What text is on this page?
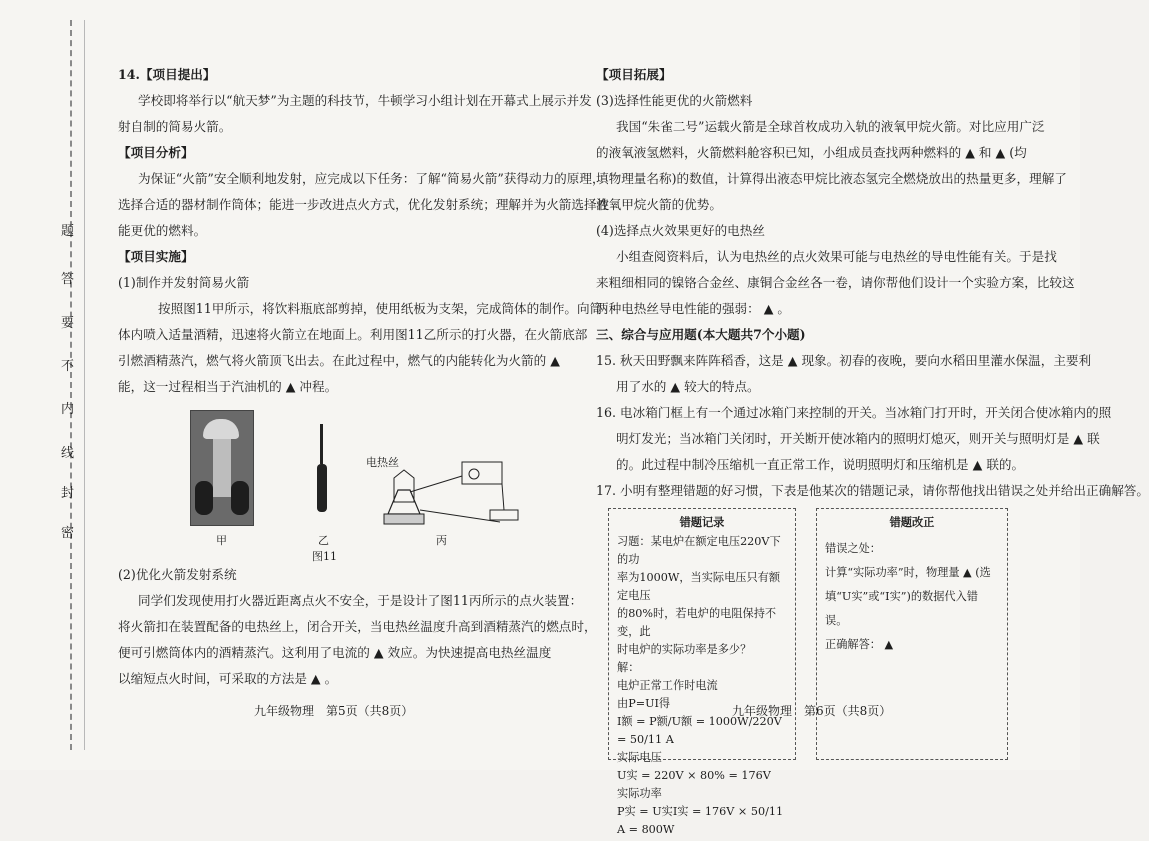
题
答
要
不
内
线
封
密
14.【项目提出】
学校即将举行以“航天梦”为主题的科技节，牛顿学习小组计划在开幕式上展示并发
射自制的简易火箭。
【项目分析】
为保证“火箭”安全顺利地发射，应完成以下任务：了解“简易火箭”获得动力的原理，
选择合适的器材制作筒体；能进一步改进点火方式，优化发射系统；理解并为火箭选择性
能更优的燃料。
【项目实施】
(1)制作并发射简易火箭
按照图11甲所示，将饮料瓶底部剪掉，使用纸板为支架，完成筒体的制作。向筒
体内喷入适量酒精，迅速将火箭立在地面上。利用图11乙所示的打火器，在火箭底部
引燃酒精蒸汽，燃气将火箭顶飞出去。在此过程中，燃气的内能转化为火箭的 ▲
能，这一过程相当于汽油机的 ▲ 冲程。
电热丝
甲	乙	丙
图11
(2)优化火箭发射系统
同学们发现使用打火器近距离点火不安全，于是设计了图11丙所示的点火装置：
将火箭扣在装置配备的电热丝上，闭合开关，当电热丝温度升高到酒精蒸汽的燃点时，
便可引燃筒体内的酒精蒸汽。这利用了电流的 ▲ 效应。为快速提高电热丝温度
以缩短点火时间，可采取的方法是 ▲ 。
九年级物理　第5页（共8页）
【项目拓展】
(3)选择性能更优的火箭燃料
我国“朱雀二号”运载火箭是全球首枚成功入轨的液氧甲烷火箭。对比应用广泛
的液氧液氢燃料，火箭燃料舱容积已知，小组成员查找两种燃料的 ▲ 和 ▲ (均
填物理量名称)的数值，计算得出液态甲烷比液态氢完全燃烧放出的热量更多，理解了
液氧甲烷火箭的优势。
(4)选择点火效果更好的电热丝
小组查阅资料后，认为电热丝的点火效果可能与电热丝的导电性能有关。于是找
来粗细相同的镍铬合金丝、康铜合金丝各一卷，请你帮他们设计一个实验方案，比较这
两种电热丝导电性能的强弱： ▲ 。
三、综合与应用题(本大题共7个小题)
15. 秋天田野飘来阵阵稻香，这是 ▲ 现象。初春的夜晚，要向水稻田里灌水保温，主要利
用了水的 ▲ 较大的特点。
16. 电冰箱门框上有一个通过冰箱门来控制的开关。当冰箱门打开时，开关闭合使冰箱内的照
明灯发光；当冰箱门关闭时，开关断开使冰箱内的照明灯熄灭，则开关与照明灯是 ▲ 联
的。此过程中制冷压缩机一直正常工作，说明照明灯和压缩机是 ▲ 联的。
17. 小明有整理错题的好习惯，下表是他某次的错题记录，请你帮他找出错误之处并给出正确解答。
错题记录
习题：某电炉在额定电压220V下的功
率为1000W，当实际电压只有额定电压
的80%时，若电炉的电阻保持不变，此
时电炉的实际功率是多少？
解：
电炉正常工作时电流
由P=UI得
I额 = P额/U额 = 1000W/220V = 50/11 A
实际电压
U实 = 220V × 80% = 176V
实际功率
P实 = U实I实 = 176V × 50/11 A = 800W
错题改正
错误之处：
计算“实际功率”时，物理量 ▲ (选
填“U实”或“I实”)的数据代入错误。
正确解答： ▲
九年级物理　第6页（共8页）
